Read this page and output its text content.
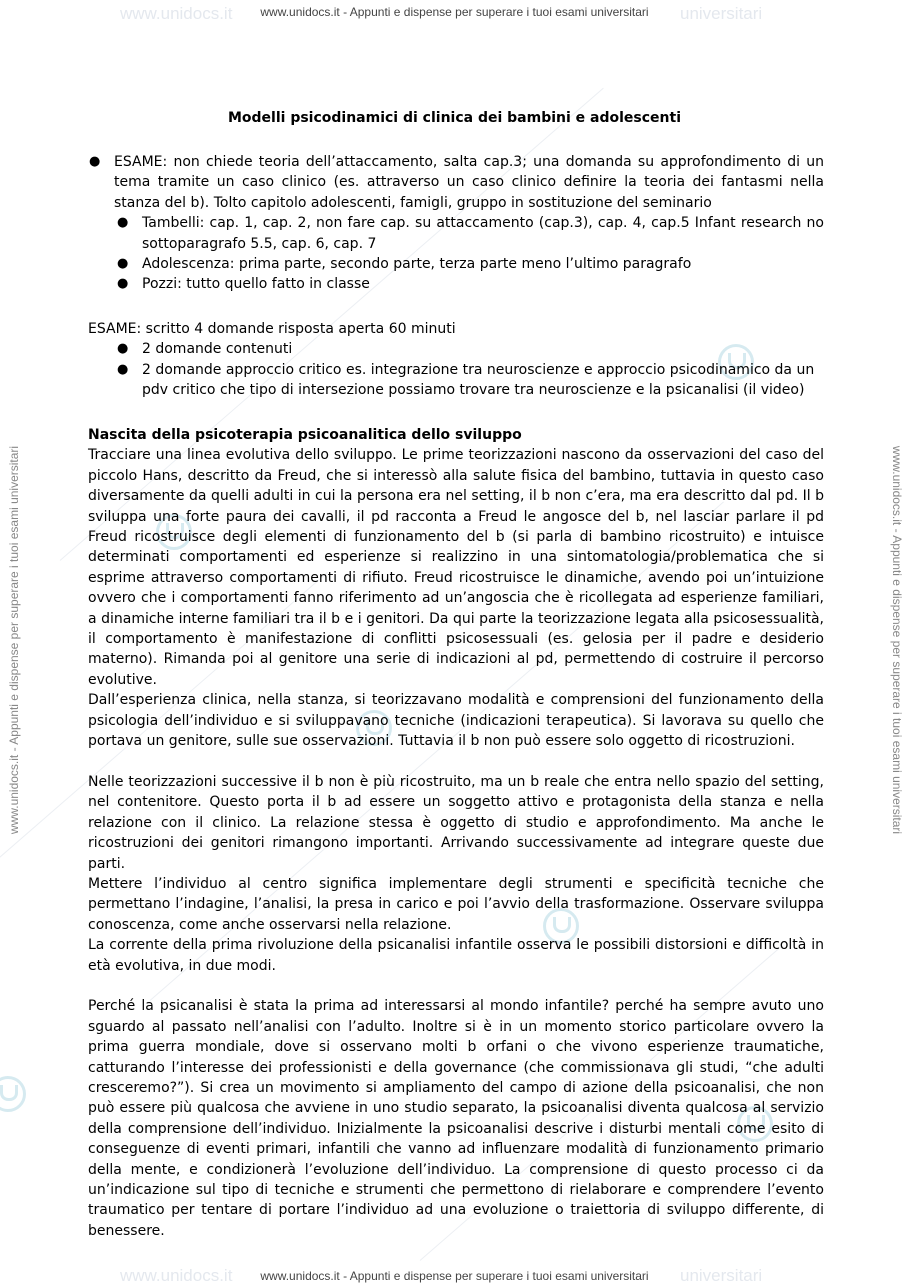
www.unidocs.it	universitari
www.unidocs.it	universitari
www.unidocs.it - Appunti e dispense per superare i tuoi esami universitari
www.unidocs.it - Appunti e dispense per superare i tuoi esami universitari
www.unidocs.it - Appunti e dispense per superare i tuoi esami universitari	www.unidocs.it - Appunti e dispense per superare i tuoi esami universitari
Modelli psicodinamici di clinica dei bambini e adolescenti
● ESAME: non chiede teoria dell’attaccamento, salta cap.3; una domanda su approfondimento di un tema tramite un caso clinico (es. attraverso un caso clinico definire la teoria dei fantasmi nella stanza del b). Tolto capitolo adolescenti, famigli, gruppo in sostituzione del seminario
● Tambelli: cap. 1, cap. 2, non fare cap. su attaccamento (cap.3), cap. 4, cap.5 Infant research no sottoparagrafo 5.5, cap. 6, cap. 7
● Adolescenza: prima parte, secondo parte, terza parte meno l’ultimo paragrafo
● Pozzi: tutto quello fatto in classe
ESAME: scritto 4 domande risposta aperta 60 minuti
● 2 domande contenuti
● 2 domande approccio critico es. integrazione tra neuroscienze e approccio psicodinamico da un pdv critico che tipo di intersezione possiamo trovare tra neuroscienze e la psicanalisi (il video)
Nascita della psicoterapia psicoanalitica dello sviluppo
Tracciare una linea evolutiva dello sviluppo. Le prime teorizzazioni nascono da osservazioni del caso del piccolo Hans, descritto da Freud, che si interessò alla salute fisica del bambino, tuttavia in questo caso diversamente da quelli adulti in cui la persona era nel setting, il b non c’era, ma era descritto dal pd. Il b sviluppa una forte paura dei cavalli, il pd racconta a Freud le angosce del b, nel lasciar parlare il pd Freud ricostruisce degli elementi di funzionamento del b (si parla di bambino ricostruito) e intuisce determinati comportamenti ed esperienze si realizzino in una sintomatologia/problematica che si esprime attraverso comportamenti di rifiuto. Freud ricostruisce le dinamiche, avendo poi un’intuizione ovvero che i comportamenti fanno riferimento ad un’angoscia che è ricollegata ad esperienze familiari, a dinamiche interne familiari tra il b e i genitori. Da qui parte la teorizzazione legata alla psicosessualità, il comportamento è manifestazione di conflitti psicosessuali (es. gelosia per il padre e desiderio materno). Rimanda poi al genitore una serie di indicazioni al pd, permettendo di costruire il percorso evolutive.
Dall’esperienza clinica, nella stanza, si teorizzavano modalità e comprensioni del funzionamento della psicologia dell’individuo e si sviluppavano tecniche (indicazioni terapeutica). Si lavorava su quello che portava un genitore, sulle sue osservazioni. Tuttavia il b non può essere solo oggetto di ricostruzioni.
Nelle teorizzazioni successive il b non è più ricostruito, ma un b reale che entra nello spazio del setting, nel contenitore. Questo porta il b ad essere un soggetto attivo e protagonista della stanza e nella relazione con il clinico. La relazione stessa è oggetto di studio e approfondimento. Ma anche le ricostruzioni dei genitori rimangono importanti. Arrivando successivamente ad integrare queste due parti.
Mettere l’individuo al centro significa implementare degli strumenti e specificità tecniche che permettano l’indagine, l’analisi, la presa in carico e poi l’avvio della trasformazione. Osservare sviluppa conoscenza, come anche osservarsi nella relazione.
La corrente della prima rivoluzione della psicanalisi infantile osserva le possibili distorsioni e difficoltà in età evolutiva, in due modi.
Perché la psicanalisi è stata la prima ad interessarsi al mondo infantile? perché ha sempre avuto uno sguardo al passato nell’analisi con l’adulto. Inoltre si è in un momento storico particolare ovvero la prima guerra mondiale, dove si osservano molti b orfani o che vivono esperienze traumatiche, catturando l’interesse dei professionisti e della governance (che commissionava gli studi, “che adulti cresceremo?”). Si crea un movimento si ampliamento del campo di azione della psicoanalisi, che non può essere più qualcosa che avviene in uno studio separato, la psicoanalisi diventa qualcosa al servizio della comprensione dell’individuo. Inizialmente la psicoanalisi descrive i disturbi mentali come esito di conseguenze di eventi primari, infantili che vanno ad influenzare modalità di funzionamento primario della mente, e condizionerà l’evoluzione dell’individuo. La comprensione di questo processo ci da un’indicazione sul tipo di tecniche e strumenti che permettono di rielaborare e comprendere l’evento traumatico per tentare di portare l’individuo ad una evoluzione o traiettoria di sviluppo differente, di benessere.
